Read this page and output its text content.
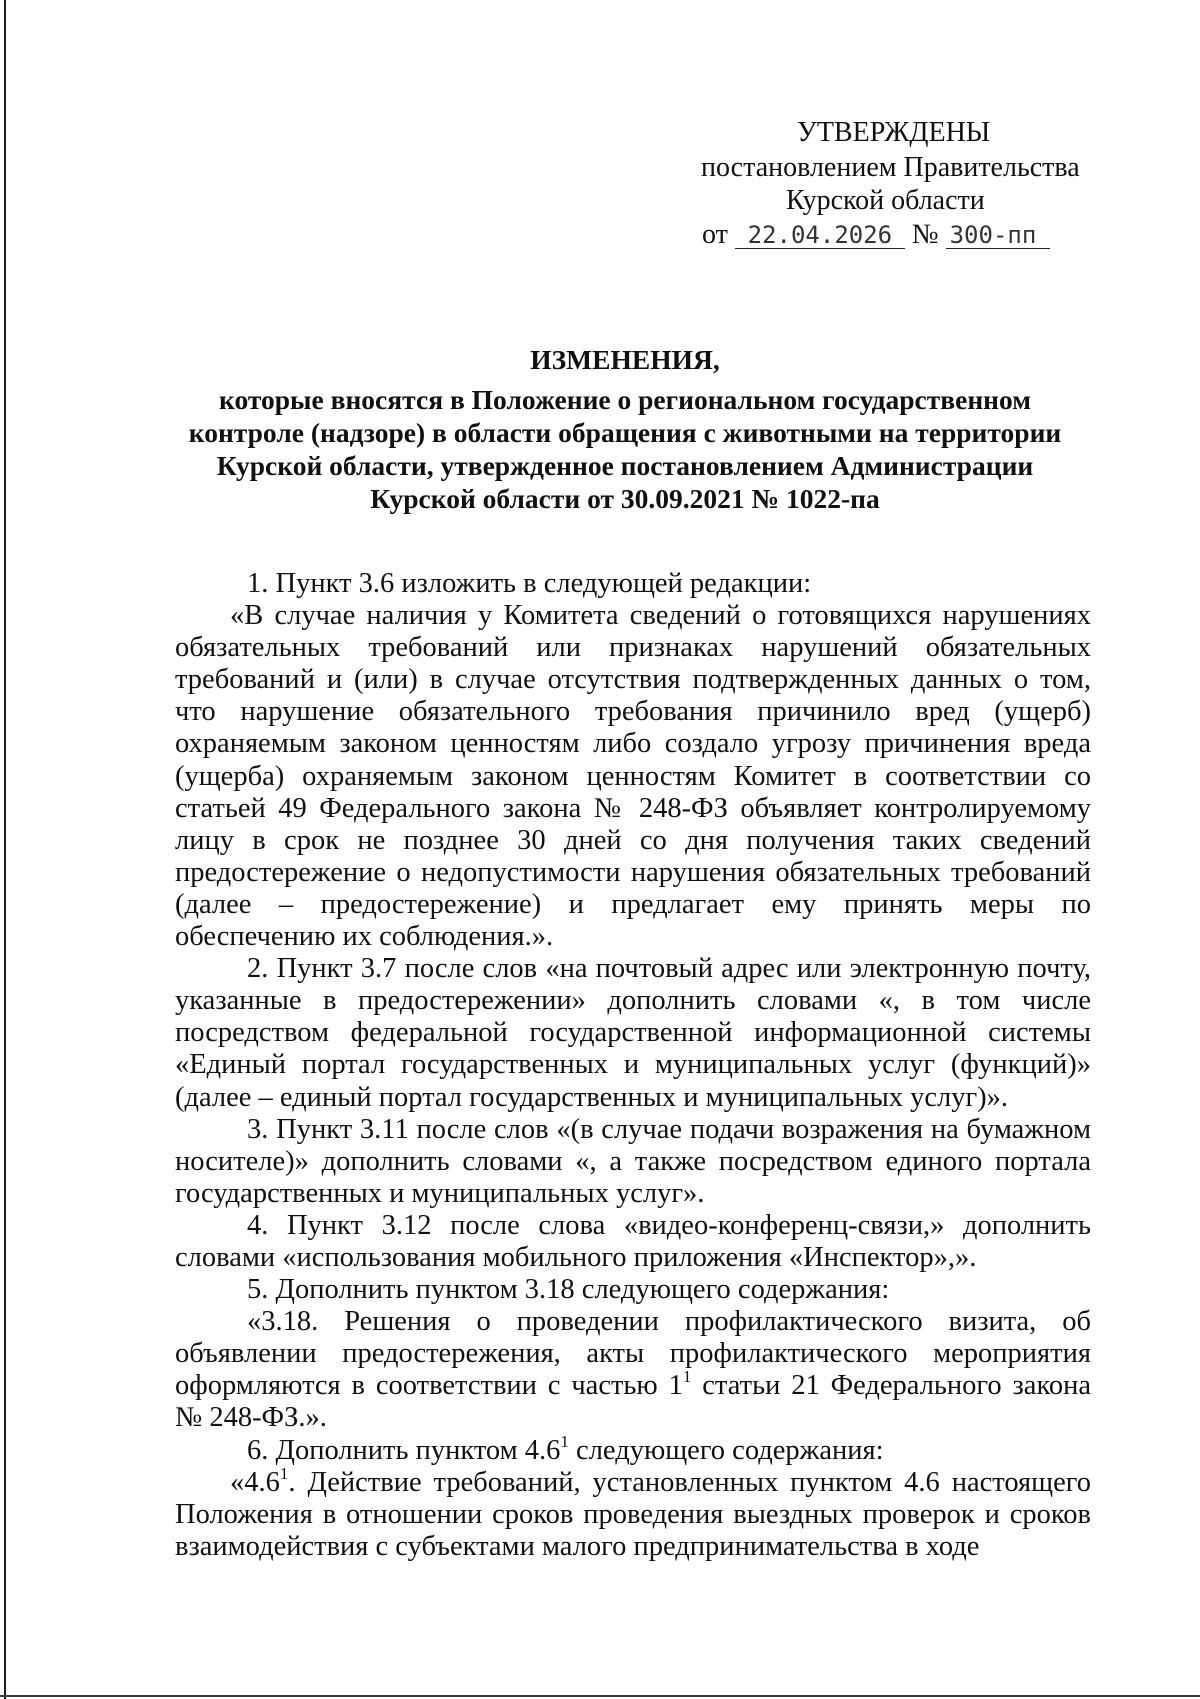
УТВЕРЖДЕНЫ
постановлением Правительства
Курской области
от 22.04.2026 № 300-пп
ИЗМЕНЕНИЯ,
которые вносятся в Положение о региональном государственном
контроле (надзоре) в области обращения с животными на территории
Курской области, утвержденное постановлением Администрации
Курской области от 30.09.2021 № 1022-па

1. Пункт 3.6 изложить в следующей редакции:

«В случае наличия у Комитета сведений о готовящихся нарушениях обязательных требований или признаках нарушений обязательных требований и (или) в случае отсутствия подтвержденных данных о том, что нарушение обязательного требования причинило вред (ущерб) охраняемым законом ценностям либо создало угрозу причинения вреда (ущерба) охраняемым законом ценностям Комитет в соответствии со статьей 49 Федерального закона № 248-ФЗ объявляет контролируемому лицу в срок не позднее 30 дней со дня получения таких сведений предостережение о недопустимости нарушения обязательных требований (далее – предостережение) и предлагает ему принять меры по обеспечению их соблюдения.».

2. Пункт 3.7 после слов «на почтовый адрес или электронную почту, указанные в предостережении» дополнить словами «, в том числе посредством федеральной государственной информационной системы «Единый портал государственных и муниципальных услуг (функций)» (далее – единый портал государственных и муниципальных услуг)».

3. Пункт 3.11 после слов «(в случае подачи возражения на бумажном носителе)» дополнить словами «, а также посредством единого портала государственных и муниципальных услуг».

4. Пункт 3.12 после слова «видео-конференц-связи,» дополнить словами «использования мобильного приложения «Инспектор»,».

5. Дополнить пунктом 3.18 следующего содержания:

«3.18. Решения о проведении профилактического визита, об объявлении предостережения, акты профилактического мероприятия оформляются в соответствии с частью $1^1$ статьи 21 Федерального закона № 248-ФЗ.».

6. Дополнить пунктом $4.6^1$ следующего содержания:

«$4.6^1$. Действие требований, установленных пунктом 4.6 настоящего Положения в отношении сроков проведения выездных проверок и сроков взаимодействия с субъектами малого предпринимательства в ходе
